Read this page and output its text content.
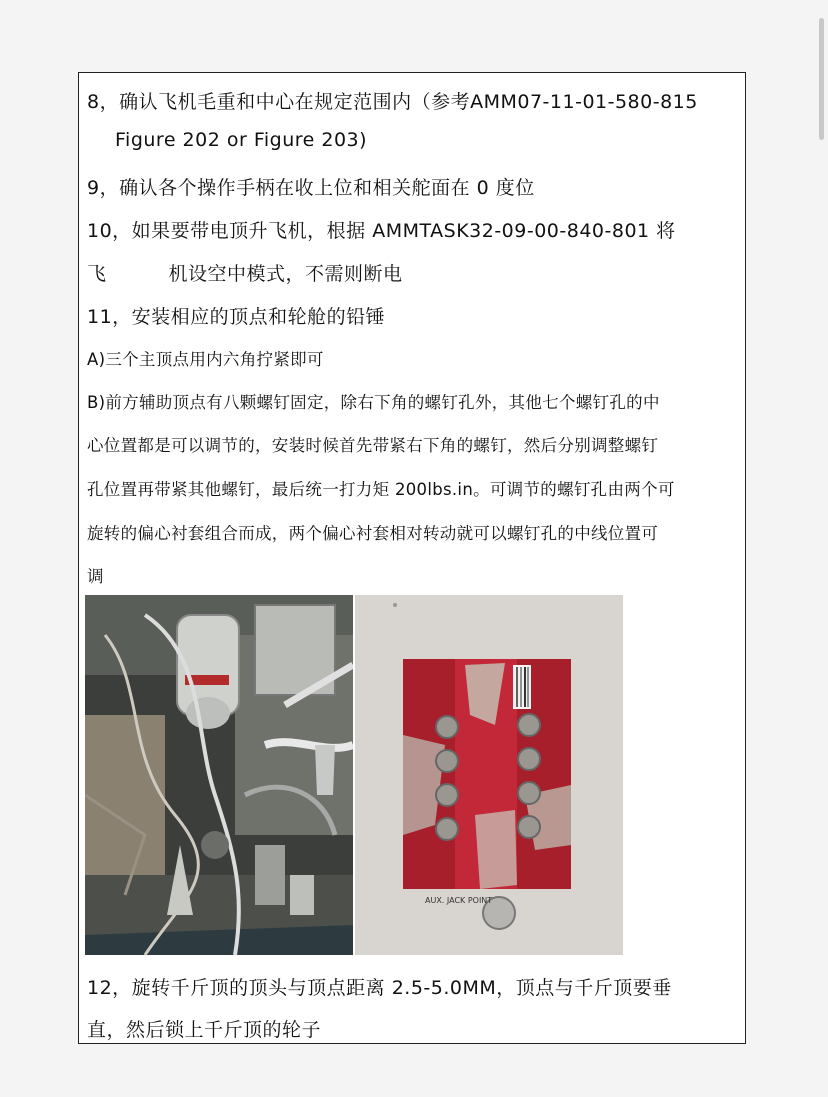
8，确认飞机毛重和中心在规定范围内（参考AMM07-11-01-580-815
Figure 202 or Figure 203)
9，确认各个操作手柄在收上位和相关舵面在 0 度位
10，如果要带电顶升飞机，根据 AMMTASK32-09-00-840-801 将
飞	机设空中模式，不需则断电
11，安装相应的顶点和轮舱的铅锤
A)三个主顶点用内六角拧紧即可
B)前方辅助顶点有八颗螺钉固定，除右下角的螺钉孔外，其他七个螺钉孔的中
心位置都是可以调节的，安装时候首先带紧右下角的螺钉，然后分别调整螺钉
孔位置再带紧其他螺钉，最后统一打力矩 200lbs.in。可调节的螺钉孔由两个可
旋转的偏心衬套组合而成，两个偏心衬套相对转动就可以螺钉孔的中线位置可
调
AUX. JACK POINT
12，旋转千斤顶的顶头与顶点距离 2.5-5.0MM，顶点与千斤顶要垂
直，然后锁上千斤顶的轮子
